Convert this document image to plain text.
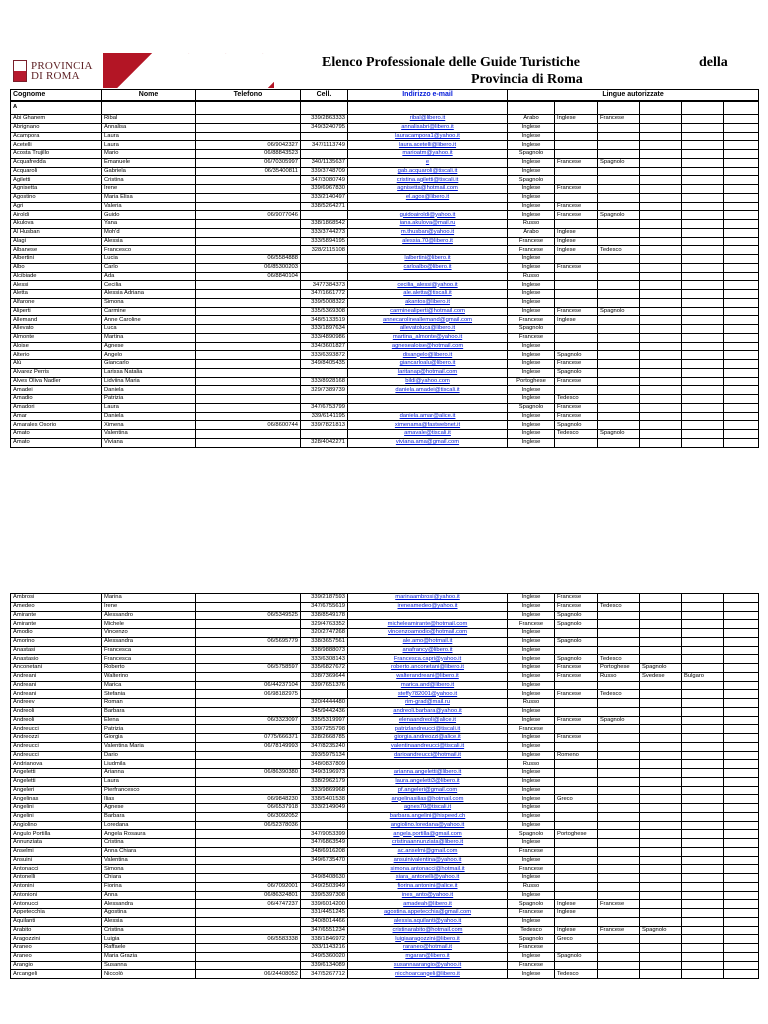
PROVINCIA
DI ROMA
www.provincia.roma.it
Elenco Professionale delle Guide Turistiche	della
Provincia di Roma
Cognome	Nome	Telefono	Cell.	Indirizzo e-mail	Lingue autorizzate					
A										
Abi Ghanem	Ribal		339/2863333	ribal@libero.it	Arabo	Inglese	Francese			
Abrignano	Annalisa		349/3240795	annalisabri@libero.it	Inglese					
Acampora	Laura			lauracampora1@yahoo.it	Inglese					
Acetelli	Laura	06/9042327	347/1113749	laura.acetelli@libero.it	Inglese					
Acosta Trujillo	Mario	06/88843523		marioatm@yahoo.it	Spagnolo					
Acquafredda	Emanuele	06/70305997	340/1135637	e	Inglese	Francese	Spagnolo			
Acquaroli	Gabriela	06/35400811	339/3748709	gab.acquaroli@tiscali.it	Inglese					
Agiletti	Cristina		347/3080749	cristina.agiletti@tiscali.it	Spagnolo					
Agnisetta	Irene		339/6967830	agnisetta@hotmail.com	Inglese	Francese				
Agostino	Maria Elisa		333/2140497	el.agos@libero.it	Inglese					
Agri	Valeria		338/5264271		Inglese	Francese				
Airoldi	Guido	06/9077046		guidoairoldi@yahoo.it	Inglese	Francese	Spagnolo			
Akulova	Yana		338/1868542	iana.akulova@mail.ru	Russo					
Al Husban	Moh'd		333/3744273	m.thusban@yahoo.it	Arabo	Inglese				
Alagi	Alessia		333/5894195	alessia.70@libero.it	Francese	Inglese				
Albanese	Francesco		328/2115108		Francese	Inglese	Tedesco			
Albertini	Lucia	06/5584888		lalbertini@libero.it	Inglese					
Albo	Carlo	06/85300203		carloalbo@libero.it	Inglese	Francese				
Alcibiade	Ada	06/8840104			Russo					
Alessi	Cecilia		3477384373	cecilia_alessi@yahoo.it	Inglese					
Aletta	Alessia Adriana		347/1661772	ale.aletta@tiscali.it	Inglese					
Alfarone	Simona		339/5008322	akantos@libero.it	Inglese					
Aliperti	Carmine		335/5369308	carminealiperti@hotmail.com	Inglese	Francese	Spagnolo			
Allemand	Anne Caroline		348/5133519	annecarolineallemand@gmail.com	Francese	Inglese				
Allevato	Luca		333/1897634	allevatoluca@libero.it	Spagnolo					
Almonte	Martina		333/4890986	martina_almonte@yahoo.it	Francese					
Aloise	Agnese		334/3601827	agnesealoise@hotmail.com	Inglese					
Alterio	Angelo		333/6393872	disangelo@libero.it	Inglese	Spagnolo				
Alù	Giancarlo		349/8405435	giancarloalu@libero.it	Inglese	Francese				
Alvarez Perris	Larissa Natalia			laritanap@hotmail.com	Inglese	Spagnolo				
Alves Oliva Nadler	Lidviina Maria		333/8928168	bildi@yahoo.com	Portoghese	Francese				
Amadei	Daniela		329/7389739	daniela.amadei@tiscali.it	Inglese					
Amadio	Patrizia				Inglese	Tedesco				
Amadori	Laura		347/6753799		Spagnolo	Francese				
Amar	Daniela		339/6141195	daniela.amar@alice.it	Inglese	Francese				
Amarales Osorio	Ximena	06/8600744	339/7821813	ximenama@fastwebnet.it	Inglese	Spagnolo				
Amato	Valentina			amavale@tiscali.it	Inglese	Tedesco	Spagnolo			
Amato	Viviana		328/4042271	viviana.ama@gmail.com	Inglese					
Ambrosi	Marina		339/2187593	marinaambrosi@yahoo.it	Inglese	Francese				
Amedeo	Irene		347/6755619	ireneamedeo@yahoo.it	Inglese	Francese	Tedesco			
Amirante	Alessandro	06/5349525	338/8549178		Inglese	Spagnolo				
Amirante	Michele		329/4763352	micheleamirante@hotmail.com	Francese	Spagnolo				
Amodio	Vincenzo		320/2747268	vincenzoamodio@hotmail.com	Inglese					
Amorino	Alessandra	06/5695779	338/3657561	ale.amo@hotmail.it	Inglese	Spagnolo				
Anastasi	Francesca		338/9888073	anafrancy@libero.it	Inglese					
Anastasio	Francesca		333/6308143	Francesca.capri@yahoo.it	Inglese	Spagnolo	Tedesco			
Anconetani	Roberto	06/5758597	335/6827672	roberto.anconetani@libero.it	Inglese	Francese	Portoghese	Spagnolo		
Andreani	Walterino		338/7369644	walterandreani@libero.it	Inglese	Francese	Russo	Svedese	Bulgaro	
Andreani	Marica	06/44237104	339/7651376	marica.and@libero.it	Inglese					
Andreani	Stefania	06/98182975		steffy782001@yahoo.it	Inglese	Francese	Tedesco			
Andreev	Roman		320/4444480	rim-grad@mail.ru	Russo					
Andreoli	Barbara		345/9442436	andreoli.barbara@yahoo.it	Inglese					
Andreoli	Elena	06/3323097	335/5319997	elenaandreoli@alice.it	Inglese	Francese	Spagnolo			
Andreucci	Patrizia		339/7255798	patrizlandreucci@tiscali.it	Francese					
Andreozzi	Giorgia	0775/666371	328/2668785	giorgia.andreozzi@alice.it	Inglese	Francese				
Andreucci	Valentina Maria	06/78149993	347/8235240	valentinaandreucci@tiscali.it	Inglese					
Andreucci	Dario		393/5975134	darioandreucci@hotmail.it	Inglese	Romeno				
Andrianova	Liudmila		348/0837809		Russo					
Angeletti	Arianna	06/86390380	349/3196973	arianna.angeletti@libero.it	Inglese					
Angeletti	Laura		338/2962179	laura.angeletti3@libero.it	Inglese					
Angeleri	Pierfrancesco		333/9869968	pf.angeleri@gmail.com	Inglese					
Angelinas	Ilias	06/9848230	338/5401538	angelinasilias@hotmail.com	Inglese	Greco				
Angelini	Agnese	06/6537918	333/2149049	agnes70@tiscali.it	Inglese					
Angelini	Barbara	06/3092052		barbara.angelini@hispeed.ch	Inglese					
Angiolino	Loredana	06/52378036		angiolino.loredana@yahoo.it	Inglese					
Angulo Portilla	Angela Rosaura		347/9053399	angela.portilla@gmail.com	Spagnolo	Portoghese				
Annunziata	Cristina		347/6863549	cristinaannunziata@libero.it	Inglese					
Anselmi	Anna Chiara		348/6916208	ac.anselmi@gmail.com	Francese					
Ansuini	Valentina		349/6735470	ansuinivalentina@yahoo.it	Inglese					
Antonacci	Simona			simona.antonacci@hotmail.it	Francese					
Antonelli	Chiara		349/8408630	siara_antonelli@yahoo.it	Inglese					
Antonini	Fiorina	06/7092001	349/2503949	fiorina.antonini@alice.it	Russo					
Antonioni	Anna	06/86324801	339/5397308	ines_anto@yahoo.it	Inglese					
Antonucci	Alessandra	06/4747237	339/6014200	amadeah@libero.it	Spagnolo	Inglese	Francese			
Appetecchia	Agostina		331/4451245	agostina.appetecchia@gmail.com	Francese	Inglese				
Aquilanti	Alessia		340/8014466	alessia.aquilanti@yahoo.it	Inglese					
Arabito	Cristina		347/6551234	cristinarabito@hotmail.com	Tedesco	Inglese	Francese	Spagnolo		
Aragozzini	Luigia	06/5583338	338/1846972	luigiaaragozzini@libero.it	Spagnolo	Greco				
Araneo	Raffaele		333/1143216	raraneo@hotmail.it	Francese					
Araneo	Maria Grazia		349/5360020	mgaran@libero.it	Inglese	Spagnolo				
Arangio	Susanna		339/6134089	susannaarangio@yahoo.it	Francese					
Arcangeli	Niccolò	06/24408052	347/5267712	nicchoarcangeli@libero.it	Inglese	Tedesco				
